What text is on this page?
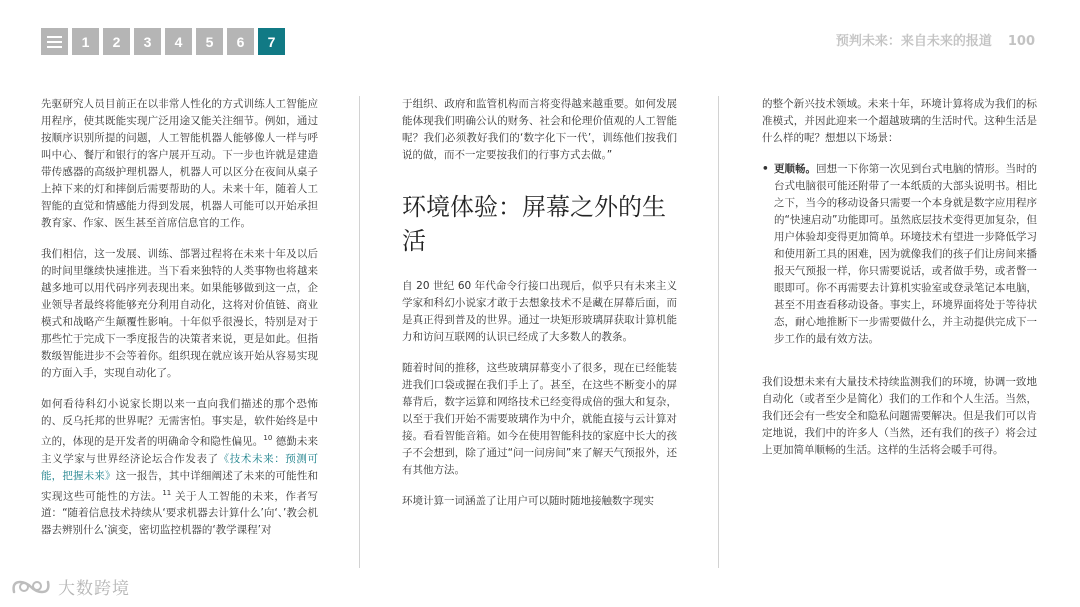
1	2	3	4	5	6	7	预判未来：来自未来的报道 100

先驱研究人员目前正在以非常人性化的方式训练人工智能应用程序，使其既能实现广泛用途又能关注细节。例如，通过按顺序识别所提的问题，人工智能机器人能够像人一样与呼叫中心、餐厅和银行的客户展开互动。下一步也许就是建造带传感器的高级护理机器人，机器人可以区分在夜间从桌子上掉下来的灯和摔倒后需要帮助的人。未来十年，随着人工智能的直觉和情感能力得到发展，机器人可能可以开始承担教育家、作家、医生甚至首席信息官的工作。

我们相信，这一发展、训练、部署过程将在未来十年及以后的时间里继续快速推进。当下看来独特的人类事物也将越来越多地可以用代码序列表现出来。如果能够做到这一点，企业领导者最终将能够充分利用自动化，这将对价值链、商业模式和战略产生颠覆性影响。十年似乎很漫长，特别是对于那些忙于完成下一季度报告的决策者来说，更是如此。但指数级智能进步不会等着你。组织现在就应该开始从容易实现的方面入手，实现自动化了。

如何看待科幻小说家长期以来一直向我们描述的那个恐怖的、反乌托邦的世界呢？无需害怕。事实是，软件始终是中立的，体现的是开发者的明确命令和隐性偏见。$^{10}$ 德勤未来主义学家与世界经济论坛合作发表了《技术未来：预测可能，把握未来》这一报告，其中详细阐述了未来的可能性和实现这些可能性的方法。$^{11}$ 关于人工智能的未来，作者写道：“随着信息技术持续从‘要求机器去计算什么’向‘、’教会机器去辨别什么’演变，密切监控机器的‘教学课程’对

于组织、政府和监管机构而言将变得越来越重要。如何发展能体现我们明确公认的财务、社会和伦理价值观的人工智能呢？我们必须教好我们的‘数字化下一代’，训练他们按我们说的做，而不一定要按我们的行事方式去做。”

环境体验：屏幕之外的生活

自 20 世纪 60 年代命令行接口出现后，似乎只有未来主义学家和科幻小说家才敢于去想象技术不是藏在屏幕后面，而是真正得到普及的世界。通过一块矩形玻璃屏获取计算机能力和访问互联网的认识已经成了大多数人的教条。

随着时间的推移，这些玻璃屏幕变小了很多，现在已经能装进我们口袋或握在我们手上了。甚至，在这些不断变小的屏幕背后，数字运算和网络技术已经变得成倍的强大和复杂，以至于我们开始不需要玻璃作为中介，就能直接与云计算对接。看看智能音箱。如今在使用智能科技的家庭中长大的孩子不会想到，除了通过“问一问房间”来了解天气预报外，还有其他方法。

环境计算一词涵盖了让用户可以随时随地接触数字现实

的整个新兴技术领域。未来十年，环境计算将成为我们的标准模式，并因此迎来一个超越玻璃的生活时代。这种生活是什么样的呢？想想以下场景：

• 更顺畅。回想一下你第一次见到台式电脑的情形。当时的台式电脑很可能还附带了一本纸质的大部头说明书。相比之下，当今的移动设备只需要一个本身就是数字应用程序的“快速启动”功能即可。虽然底层技术变得更加复杂，但用户体验却变得更加简单。环境技术有望进一步降低学习和使用新工具的困难，因为就像我们的孩子们让房间来播报天气预报一样，你只需要说话，或者做手势，或者瞥一眼即可。你不再需要去计算机实验室或登录笔记本电脑，甚至不用查看移动设备。事实上，环境界面将处于等待状态，耐心地推断下一步需要做什么，并主动提供完成下一步工作的最有效方法。

我们设想未来有大量技术持续监测我们的环境，协调一致地自动化（或者至少是简化）我们的工作和个人生活。当然，我们还会有一些安全和隐私问题需要解决。但是我们可以肯定地说，我们中的许多人（当然，还有我们的孩子）将会过上更加简单顺畅的生活。这样的生活将会暖手可得。

大数跨境
